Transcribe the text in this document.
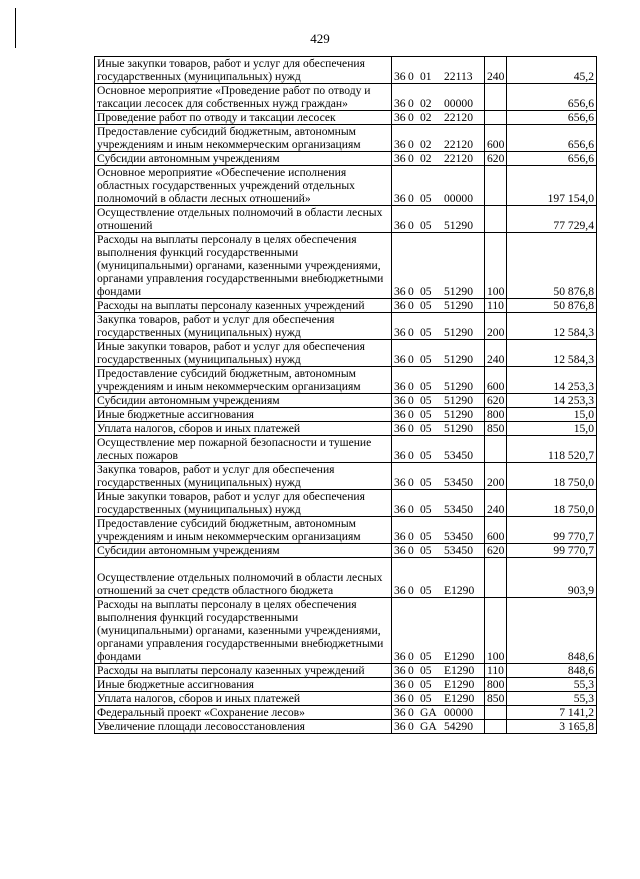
429
Иные закупки товаров, работ и услуг для обеспечения государственных (муниципальных) нужд	36 0 01 22113	240	45,2
Основное мероприятие «Проведение работ по отводу и таксации лесосек для собственных нужд граждан»	36 0 02 00000		656,6
Проведение работ по отводу и таксации лесосек	36 0 02 22120		656,6
Предоставление субсидий бюджетным, автономным учреждениям и иным некоммерческим организациям	36 0 02 22120	600	656,6
Субсидии автономным учреждениям	36 0 02 22120	620	656,6
Основное мероприятие «Обеспечение исполнения областных государственных учреждений отдельных полномочий в области лесных отношений»	36 0 05 00000		197 154,0
Осуществление отдельных полномочий в области лесных отношений	36 0 05 51290		77 729,4
Расходы на выплаты персоналу в целях обеспечения выполнения функций государственными (муниципальными) органами, казенными учреждениями, органами управления государственными внебюджетными фондами	36 0 05 51290	100	50 876,8
Расходы на выплаты персоналу казенных учреждений	36 0 05 51290	110	50 876,8
Закупка товаров, работ и услуг для обеспечения государственных (муниципальных) нужд	36 0 05 51290	200	12 584,3
Иные закупки товаров, работ и услуг для обеспечения государственных (муниципальных) нужд	36 0 05 51290	240	12 584,3
Предоставление субсидий бюджетным, автономным учреждениям и иным некоммерческим организациям	36 0 05 51290	600	14 253,3
Субсидии автономным учреждениям	36 0 05 51290	620	14 253,3
Иные бюджетные ассигнования	36 0 05 51290	800	15,0
Уплата налогов, сборов и иных платежей	36 0 05 51290	850	15,0
Осуществление мер пожарной безопасности и тушение лесных пожаров	36 0 05 53450		118 520,7
Закупка товаров, работ и услуг для обеспечения государственных (муниципальных) нужд	36 0 05 53450	200	18 750,0
Иные закупки товаров, работ и услуг для обеспечения государственных (муниципальных) нужд	36 0 05 53450	240	18 750,0
Предоставление субсидий бюджетным, автономным учреждениям и иным некоммерческим организациям	36 0 05 53450	600	99 770,7
Субсидии автономным учреждениям	36 0 05 53450	620	99 770,7
Осуществление отдельных полномочий в области лесных отношений за счет средств областного бюджета	36 0 05 Е1290		903,9
Расходы на выплаты персоналу в целях обеспечения выполнения функций государственными (муниципальными) органами, казенными учреждениями, органами управления государственными внебюджетными фондами	36 0 05 Е1290	100	848,6
Расходы на выплаты персоналу казенных учреждений	36 0 05 Е1290	110	848,6
Иные бюджетные ассигнования	36 0 05 Е1290	800	55,3
Уплата налогов, сборов и иных платежей	36 0 05 Е1290	850	55,3
Федеральный проект «Сохранение лесов»	36 0 GA 00000		7 141,2
Увеличение площади лесовосстановления	36 0 GA 54290		3 165,8
